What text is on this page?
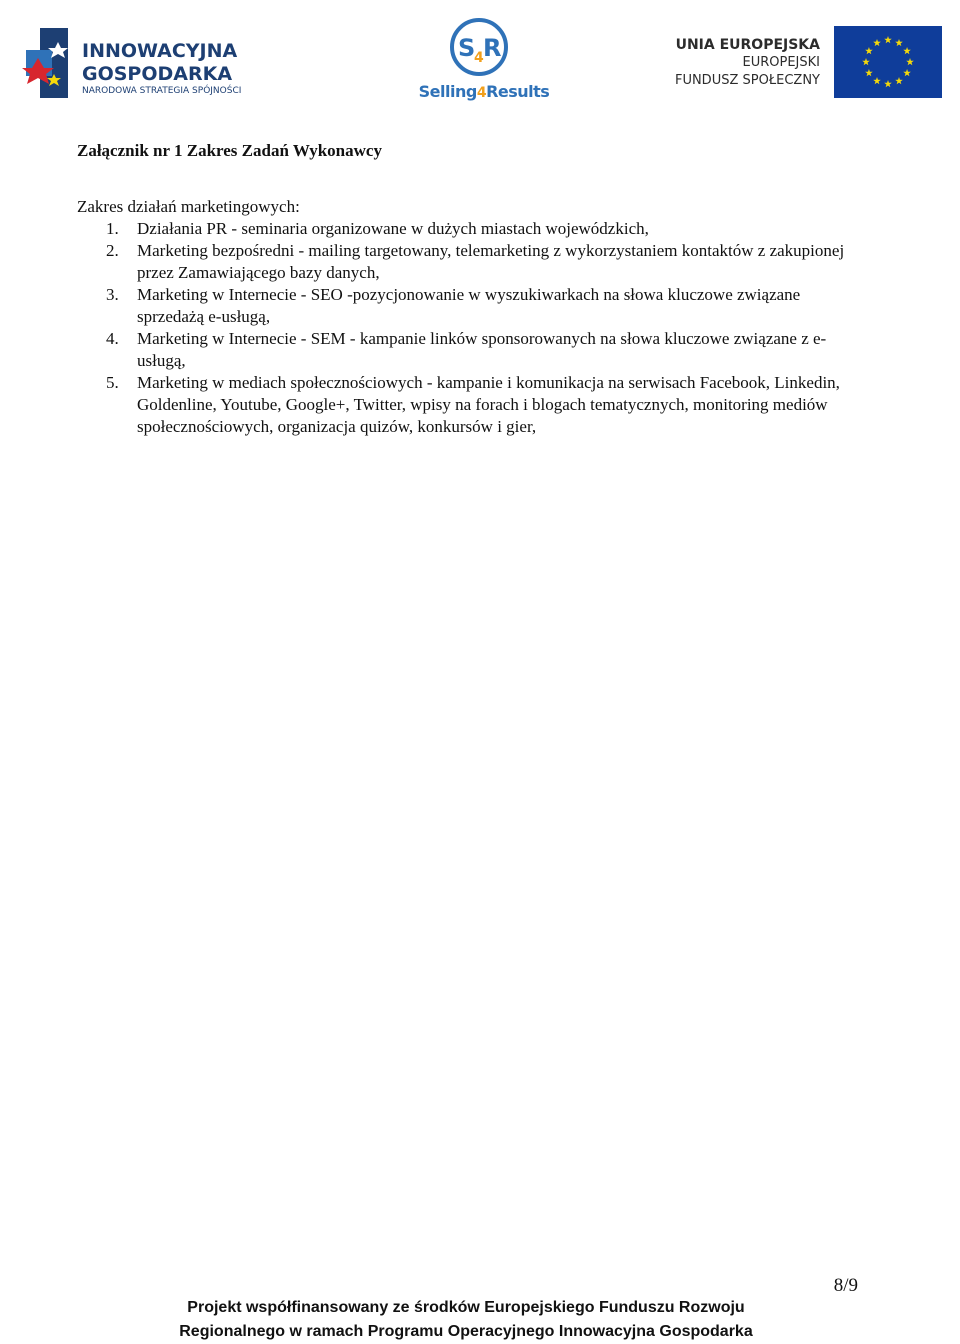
INNOWACYJNA
GOSPODARKA
NARODOWA STRATEGIA SPÓJNOŚCI
S
4 R
Selling4Results
UNIA EUROPEJSKA
EUROPEJSKI
FUNDUSZ SPOŁECZNY
Załącznik nr 1 Zakres Zadań Wykonawcy

Zakres działań marketingowych:

1. Działania PR - seminaria organizowane w dużych miastach wojewódzkich,
2. Marketing bezpośredni - mailing targetowany, telemarketing z wykorzystaniem kontaktów z zakupionej przez Zamawiającego bazy danych,
3. Marketing w Internecie - SEO -pozycjonowanie w wyszukiwarkach na słowa kluczowe związane sprzedażą e-usługą,
4. Marketing w Internecie - SEM - kampanie linków sponsorowanych na słowa kluczowe związane z e-usługą,
5. Marketing w mediach społecznościowych - kampanie i komunikacja na serwisach Facebook, Linkedin, Goldenline, Youtube, Google+, Twitter, wpisy na forach i blogach tematycznych, monitoring mediów społecznościowych, organizacja quizów, konkursów i gier,
8/9
Projekt współfinansowany ze środków Europejskiego Funduszu Rozwoju
Regionalnego w ramach Programu Operacyjnego Innowacyjna Gospodarka
